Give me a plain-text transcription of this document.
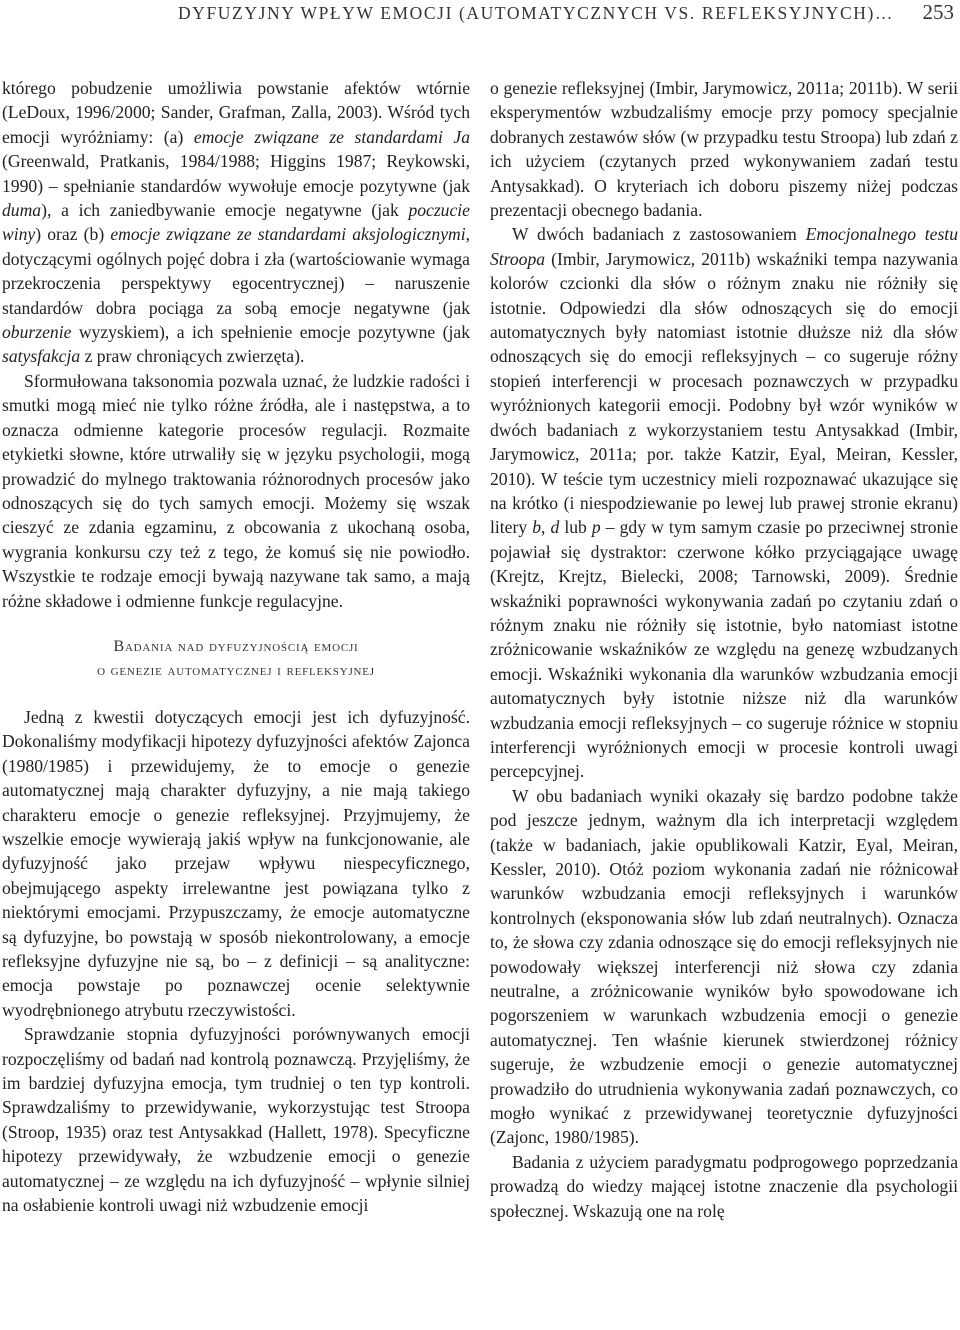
DYFUZYJNY WPŁYW EMOCJI (AUTOMATYCZNYCH VS. REFLEKSYJNYCH)… 253

którego pobudzenie umożliwia powstanie afektów wtórnie (LeDoux, 1996/2000; Sander, Grafman, Zalla, 2003). Wśród tych emocji wyróżniamy: (a) emocje związane ze standardami Ja (Greenwald, Pratkanis, 1984/1988; Higgins 1987; Reykowski, 1990) – spełnianie standardów wywołuje emocje pozytywne (jak duma), a ich zaniedbywanie emocje negatywne (jak poczucie winy) oraz (b) emocje związane ze standardami aksjologicznymi, dotyczącymi ogólnych pojęć dobra i zła (wartościowanie wymaga przekroczenia perspektywy egocentrycznej) – naruszenie standardów dobra pociąga za sobą emocje negatywne (jak oburzenie wyzyskiem), a ich spełnienie emocje pozytywne (jak satysfakcja z praw chroniących zwierzęta).

Sformułowana taksonomia pozwala uznać, że ludzkie radości i smutki mogą mieć nie tylko różne źródła, ale i następstwa, a to oznacza odmienne kategorie procesów regulacji. Rozmaite etykietki słowne, które utrwaliły się w języku psychologii, mogą prowadzić do mylnego traktowania różnorodnych procesów jako odnoszących się do tych samych emocji. Możemy się wszak cieszyć ze zdania egzaminu, z obcowania z ukochaną osoba, wygrania konkursu czy też z tego, że komuś się nie powiodło. Wszystkie te rodzaje emocji bywają nazywane tak samo, a mają różne składowe i odmienne funkcje regulacyjne.

Badania nad dyfuzyjnością emocji
o genezie automatycznej i refleksyjnej

Jedną z kwestii dotyczących emocji jest ich dyfuzyjność. Dokonaliśmy modyfikacji hipotezy dyfuzyjności afektów Zajonca (1980/1985) i przewidujemy, że to emocje o genezie automatycznej mają charakter dyfuzyjny, a nie mają takiego charakteru emocje o genezie refleksyjnej. Przyjmujemy, że wszelkie emocje wywierają jakiś wpływ na funkcjonowanie, ale dyfuzyjność jako przejaw wpływu niespecyficznego, obejmującego aspekty irrelewantne jest powiązana tylko z niektórymi emocjami. Przypuszczamy, że emocje automatyczne są dyfuzyjne, bo powstają w sposób niekontrolowany, a emocje refleksyjne dyfuzyjne nie są, bo – z definicji – są analityczne: emocja powstaje po poznawczej ocenie selektywnie wyodrębnionego atrybutu rzeczywistości.

Sprawdzanie stopnia dyfuzyjności porównywanych emocji rozpoczęliśmy od badań nad kontrolą poznawczą. Przyjęliśmy, że im bardziej dyfuzyjna emocja, tym trudniej o ten typ kontroli. Sprawdzaliśmy to przewidywanie, wykorzystując test Stroopa (Stroop, 1935) oraz test Antysakkad (Hallett, 1978). Specyficzne hipotezy przewidywały, że wzbudzenie emocji o genezie automatycznej – ze względu na ich dyfuzyjność – wpłynie silniej na osłabienie kontroli uwagi niż wzbudzenie emocji

o genezie refleksyjnej (Imbir, Jarymowicz, 2011a; 2011b). W serii eksperymentów wzbudzaliśmy emocje przy pomocy specjalnie dobranych zestawów słów (w przypadku testu Stroopa) lub zdań z ich użyciem (czytanych przed wykonywaniem zadań testu Antysakkad). O kryteriach ich doboru piszemy niżej podczas prezentacji obecnego badania.

W dwóch badaniach z zastosowaniem Emocjonalnego testu Stroopa (Imbir, Jarymowicz, 2011b) wskaźniki tempa nazywania kolorów czcionki dla słów o różnym znaku nie różniły się istotnie. Odpowiedzi dla słów odnoszących się do emocji automatycznych były natomiast istotnie dłuższe niż dla słów odnoszących się do emocji refleksyjnych – co sugeruje różny stopień interferencji w procesach poznawczych w przypadku wyróżnionych kategorii emocji. Podobny był wzór wyników w dwóch badaniach z wykorzystaniem testu Antysakkad (Imbir, Jarymowicz, 2011a; por. także Katzir, Eyal, Meiran, Kessler, 2010). W teście tym uczestnicy mieli rozpoznawać ukazujące się na krótko (i niespodziewanie po lewej lub prawej stronie ekranu) litery b, d lub p – gdy w tym samym czasie po przeciwnej stronie pojawiał się dystraktor: czerwone kółko przyciągające uwagę (Krejtz, Krejtz, Bielecki, 2008; Tarnowski, 2009). Średnie wskaźniki poprawności wykonywania zadań po czytaniu zdań o różnym znaku nie różniły się istotnie, było natomiast istotne zróżnicowanie wskaźników ze względu na genezę wzbudzanych emocji. Wskaźniki wykonania dla warunków wzbudzania emocji automatycznych były istotnie niższe niż dla warunków wzbudzania emocji refleksyjnych – co sugeruje różnice w stopniu interferencji wyróżnionych emocji w procesie kontroli uwagi percepcyjnej.

W obu badaniach wyniki okazały się bardzo podobne także pod jeszcze jednym, ważnym dla ich interpretacji względem (także w badaniach, jakie opublikowali Katzir, Eyal, Meiran, Kessler, 2010). Otóż poziom wykonania zadań nie różnicował warunków wzbudzania emocji refleksyjnych i warunków kontrolnych (eksponowania słów lub zdań neutralnych). Oznacza to, że słowa czy zdania odnoszące się do emocji refleksyjnych nie powodowały większej interferencji niż słowa czy zdania neutralne, a zróżnicowanie wyników było spowodowane ich pogorszeniem w warunkach wzbudzenia emocji o genezie automatycznej. Ten właśnie kierunek stwierdzonej różnicy sugeruje, że wzbudzenie emocji o genezie automatycznej prowadziło do utrudnienia wykonywania zadań poznawczych, co mogło wynikać z przewidywanej teoretycznie dyfuzyjności (Zajonc, 1980/1985).

Badania z użyciem paradygmatu podprogowego poprzedzania prowadzą do wiedzy mającej istotne znaczenie dla psychologii społecznej. Wskazują one na rolę
